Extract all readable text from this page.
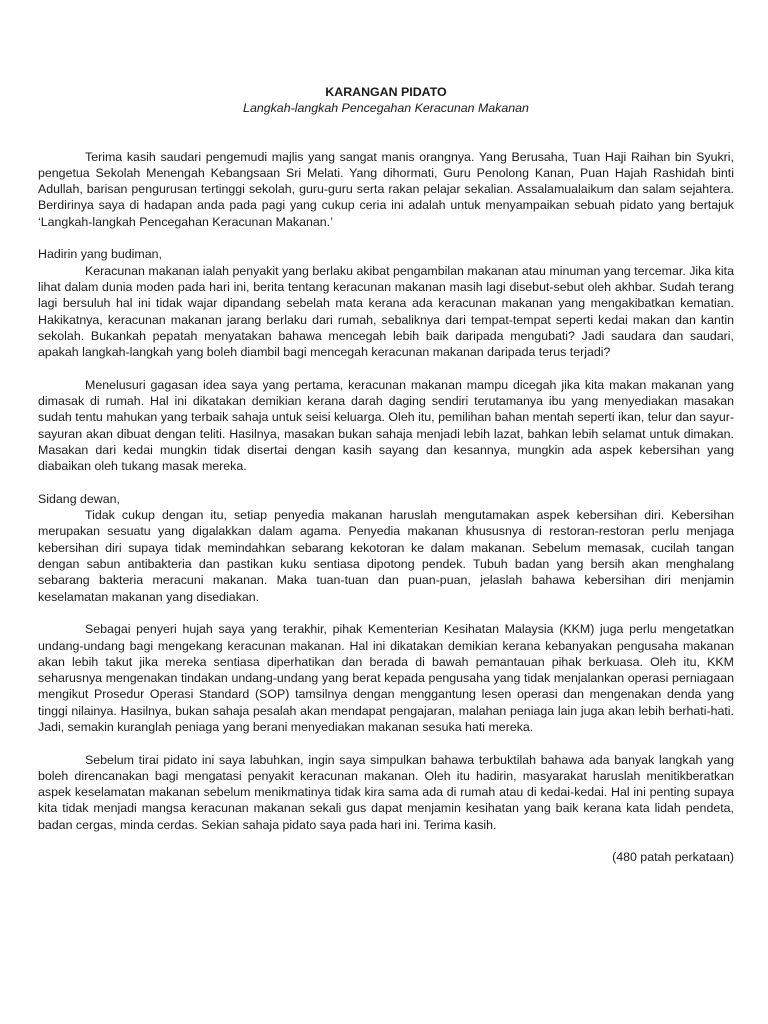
KARANGAN PIDATO

Langkah-langkah Pencegahan Keracunan Makanan

Terima kasih saudari pengemudi majlis yang sangat manis orangnya. Yang Berusaha, Tuan Haji Raihan bin Syukri, pengetua Sekolah Menengah Kebangsaan Sri Melati. Yang dihormati, Guru Penolong Kanan, Puan Hajah Rashidah binti Adullah, barisan pengurusan tertinggi sekolah, guru-guru serta rakan pelajar sekalian. Assalamualaikum dan salam sejahtera. Berdirinya saya di hadapan anda pada pagi yang cukup ceria ini adalah untuk menyampaikan sebuah pidato yang bertajuk ‘Langkah-langkah Pencegahan Keracunan Makanan.’

Hadirin yang budiman,

Keracunan makanan ialah penyakit yang berlaku akibat pengambilan makanan atau minuman yang tercemar. Jika kita lihat dalam dunia moden pada hari ini, berita tentang keracunan makanan masih lagi disebut-sebut oleh akhbar. Sudah terang lagi bersuluh hal ini tidak wajar dipandang sebelah mata kerana ada keracunan makanan yang mengakibatkan kematian. Hakikatnya, keracunan makanan jarang berlaku dari rumah, sebaliknya dari tempat-tempat seperti kedai makan dan kantin sekolah. Bukankah pepatah menyatakan bahawa mencegah lebih baik daripada mengubati? Jadi saudara dan saudari, apakah langkah-langkah yang boleh diambil bagi mencegah keracunan makanan daripada terus terjadi?

Menelusuri gagasan idea saya yang pertama, keracunan makanan mampu dicegah jika kita makan makanan yang dimasak di rumah. Hal ini dikatakan demikian kerana darah daging sendiri terutamanya ibu yang menyediakan masakan sudah tentu mahukan yang terbaik sahaja untuk seisi keluarga. Oleh itu, pemilihan bahan mentah seperti ikan, telur dan sayur-sayuran akan dibuat dengan teliti. Hasilnya, masakan bukan sahaja menjadi lebih lazat, bahkan lebih selamat untuk dimakan. Masakan dari kedai mungkin tidak disertai dengan kasih sayang dan kesannya, mungkin ada aspek kebersihan yang diabaikan oleh tukang masak mereka.

Sidang dewan,

Tidak cukup dengan itu, setiap penyedia makanan haruslah mengutamakan aspek kebersihan diri. Kebersihan merupakan sesuatu yang digalakkan dalam agama. Penyedia makanan khususnya di restoran-restoran perlu menjaga kebersihan diri supaya tidak memindahkan sebarang kekotoran ke dalam makanan. Sebelum memasak, cucilah tangan dengan sabun antibakteria dan pastikan kuku sentiasa dipotong pendek. Tubuh badan yang bersih akan menghalang sebarang bakteria meracuni makanan. Maka tuan-tuan dan puan-puan, jelaslah bahawa kebersihan diri menjamin keselamatan makanan yang disediakan.

Sebagai penyeri hujah saya yang terakhir, pihak Kementerian Kesihatan Malaysia (KKM) juga perlu mengetatkan undang-undang bagi mengekang keracunan makanan. Hal ini dikatakan demikian kerana kebanyakan pengusaha makanan akan lebih takut jika mereka sentiasa diperhatikan dan berada di bawah pemantauan pihak berkuasa. Oleh itu, KKM seharusnya mengenakan tindakan undang-undang yang berat kepada pengusaha yang tidak menjalankan operasi perniagaan mengikut Prosedur Operasi Standard (SOP) tamsilnya dengan menggantung lesen operasi dan mengenakan denda yang tinggi nilainya. Hasilnya, bukan sahaja pesalah akan mendapat pengajaran, malahan peniaga lain juga akan lebih berhati-hati. Jadi, semakin kuranglah peniaga yang berani menyediakan makanan sesuka hati mereka.

Sebelum tirai pidato ini saya labuhkan, ingin saya simpulkan bahawa terbuktilah bahawa ada banyak langkah yang boleh direncanakan bagi mengatasi penyakit keracunan makanan. Oleh itu hadirin, masyarakat haruslah menitikberatkan aspek keselamatan makanan sebelum menikmatinya tidak kira sama ada di rumah atau di kedai-kedai. Hal ini penting supaya kita tidak menjadi mangsa keracunan makanan sekali gus dapat menjamin kesihatan yang baik kerana kata lidah pendeta, badan cergas, minda cerdas. Sekian sahaja pidato saya pada hari ini. Terima kasih.

(480 patah perkataan)
